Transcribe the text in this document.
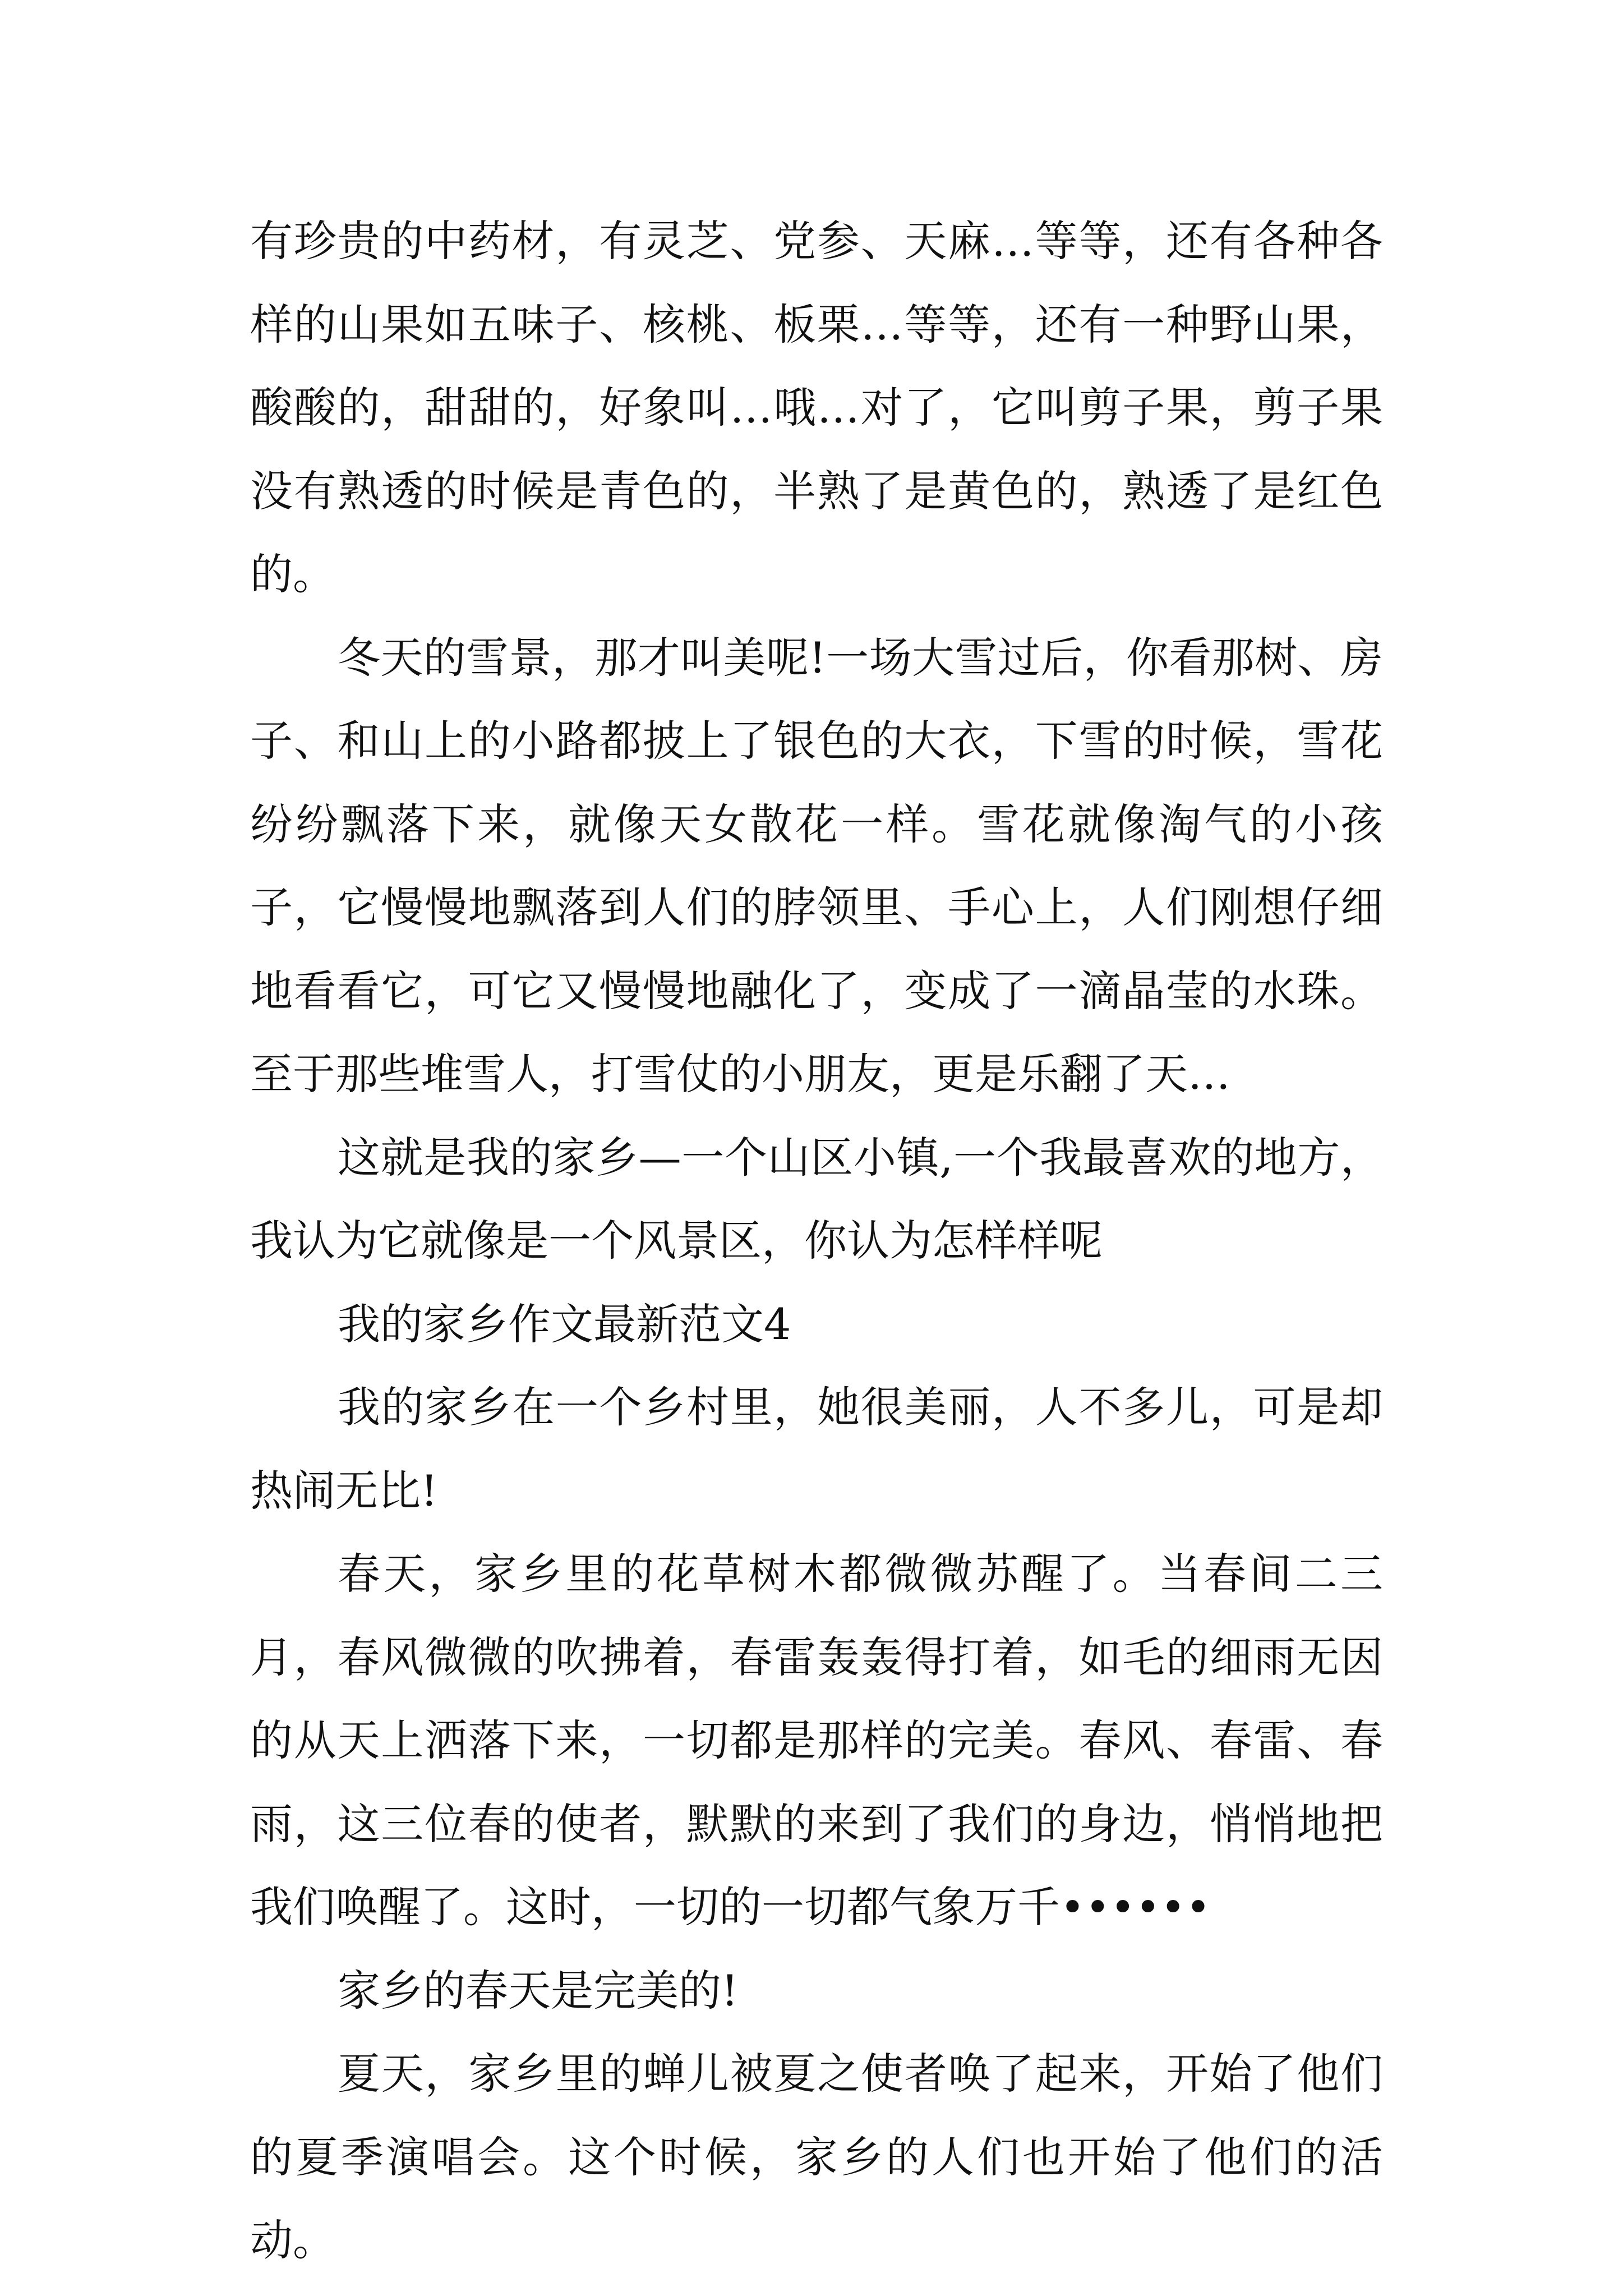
有珍贵的中药材，有灵芝、党参、天麻…等等，还有各种各样的山果如五味子、核桃、板栗…等等，还有一种野山果，酸酸的，甜甜的，好象叫…哦…对了，它叫剪子果，剪子果没有熟透的时候是青色的，半熟了是黄色的，熟透了是红色的。

冬天的雪景，那才叫美呢!一场大雪过后，你看那树、房子、和山上的小路都披上了银色的大衣，下雪的时候，雪花纷纷飘落下来，就像天女散花一样。雪花就像淘气的小孩子，它慢慢地飘落到人们的脖领里、手心上，人们刚想仔细地看看它，可它又慢慢地融化了，变成了一滴晶莹的水珠。至于那些堆雪人，打雪仗的小朋友，更是乐翻了天…

这就是我的家乡—一个山区小镇,一个我最喜欢的地方，我认为它就像是一个风景区，你认为怎样样呢

我的家乡作文最新范文4

我的家乡在一个乡村里，她很美丽，人不多儿，可是却热闹无比!

春天，家乡里的花草树木都微微苏醒了。当春间二三月，春风微微的吹拂着，春雷轰轰得打着，如毛的细雨无因的从天上洒落下来，一切都是那样的完美。春风、春雷、春雨，这三位春的使者，默默的来到了我们的身边，悄悄地把我们唤醒了。这时，一切的一切都气象万千••••••

家乡的春天是完美的!

夏天，家乡里的蝉儿被夏之使者唤了起来，开始了他们的夏季演唱会。这个时候，家乡的人们也开始了他们的活动。
